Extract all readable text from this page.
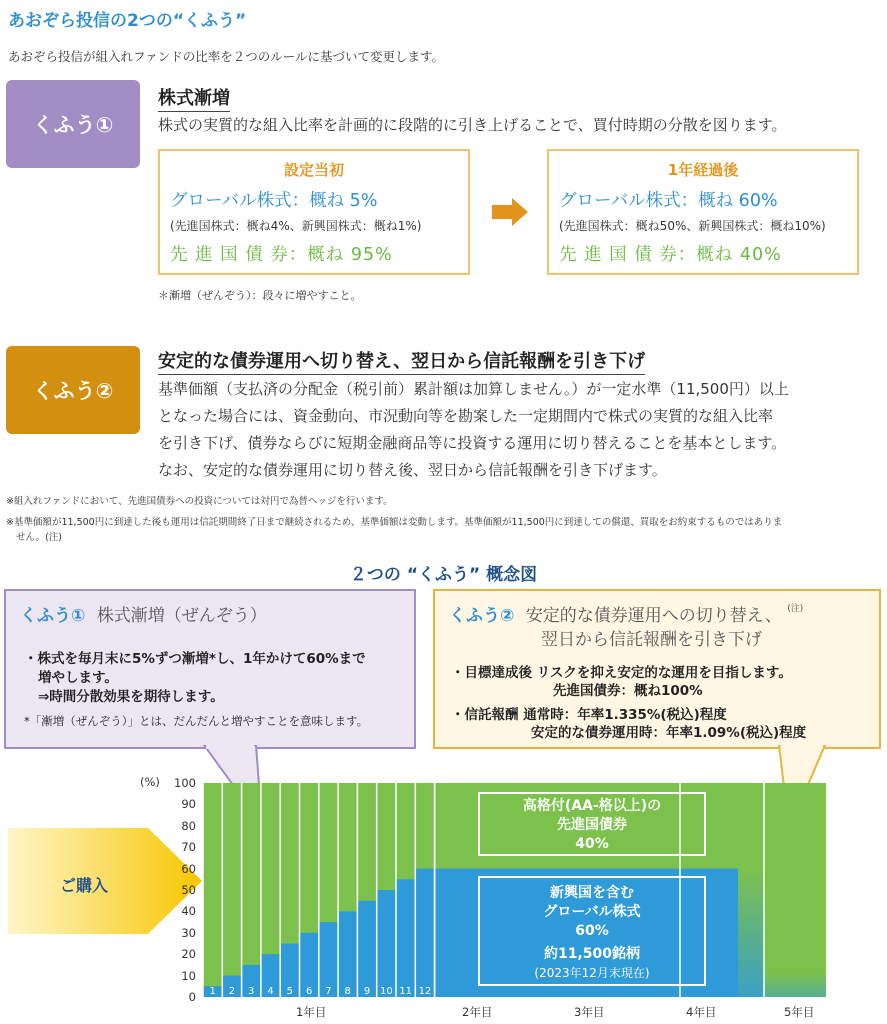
あおぞら投信の2つの“くふう”
あおぞら投信が組入れファンドの比率を２つのルールに基づいて変更します。
くふう①
株式漸増
株式の実質的な組入比率を計画的に段階的に引き上げることで、買付時期の分散を図ります。
設定当初
グローバル株式：概ね 5%
(先進国株式：概ね4%、新興国株式：概ね1%)
先 進 国 債 券：概ね 95%
1年経過後
グローバル株式：概ね 60%
(先進国株式：概ね50%、新興国株式：概ね10%)
先 進 国 債 券：概ね 40%
＊漸増（ぜんぞう）：段々に増やすこと。
くふう②
安定的な債券運用へ切り替え、翌日から信託報酬を引き下げ
基準価額（支払済の分配金（税引前）累計額は加算しません。）が一定水準（11,500円）以上
となった場合には、資金動向、市況動向等を勘案した一定期間内で株式の実質的な組入比率
を引き下げ、債券ならびに短期金融商品等に投資する運用に切り替えることを基本とします。
なお、安定的な債券運用に切り替え後、翌日から信託報酬を引き下げます。
※組入れファンドにおいて、先進国債券への投資については対円で為替ヘッジを行います。
※基準価額が11,500円に到達した後も運用は信託期間終了日まで継続されるため、基準価額は変動します。基準価額が11,500円に到達しての償還、買取をお約束するものではありま
せん。(注)
２つの “くふう” 概念図
くふう① 株式漸増（ぜんぞう）
・株式を毎月末に5%ずつ漸増*し、1年かけて60%まで
増やします。
⇒時間分散効果を期待します。
*「漸増（ぜんぞう）」とは、だんだんと増やすことを意味します。
くふう② 安定的な債券運用への切り替え、 $^{(注)}$
翌日から信託報酬を引き下げ
・目標達成後 リスクを抑え安定的な運用を目指します。
先進国債券：概ね100%
・信託報酬 通常時：年率1.335%(税込)程度
安定的な債券運用時：年率1.09%(税込)程度
ご購入
(%)	100
90
80
70
60
50
40
30
20
10
0	1	2	3	4	5	6	7	8	9 10 11 12
1年目	2年目	3年目	4年目	5年目
高格付(AA-格以上)の
先進国債券
40%
新興国を含む
グローバル株式
60%
約11,500銘柄
(2023年12月末現在)
